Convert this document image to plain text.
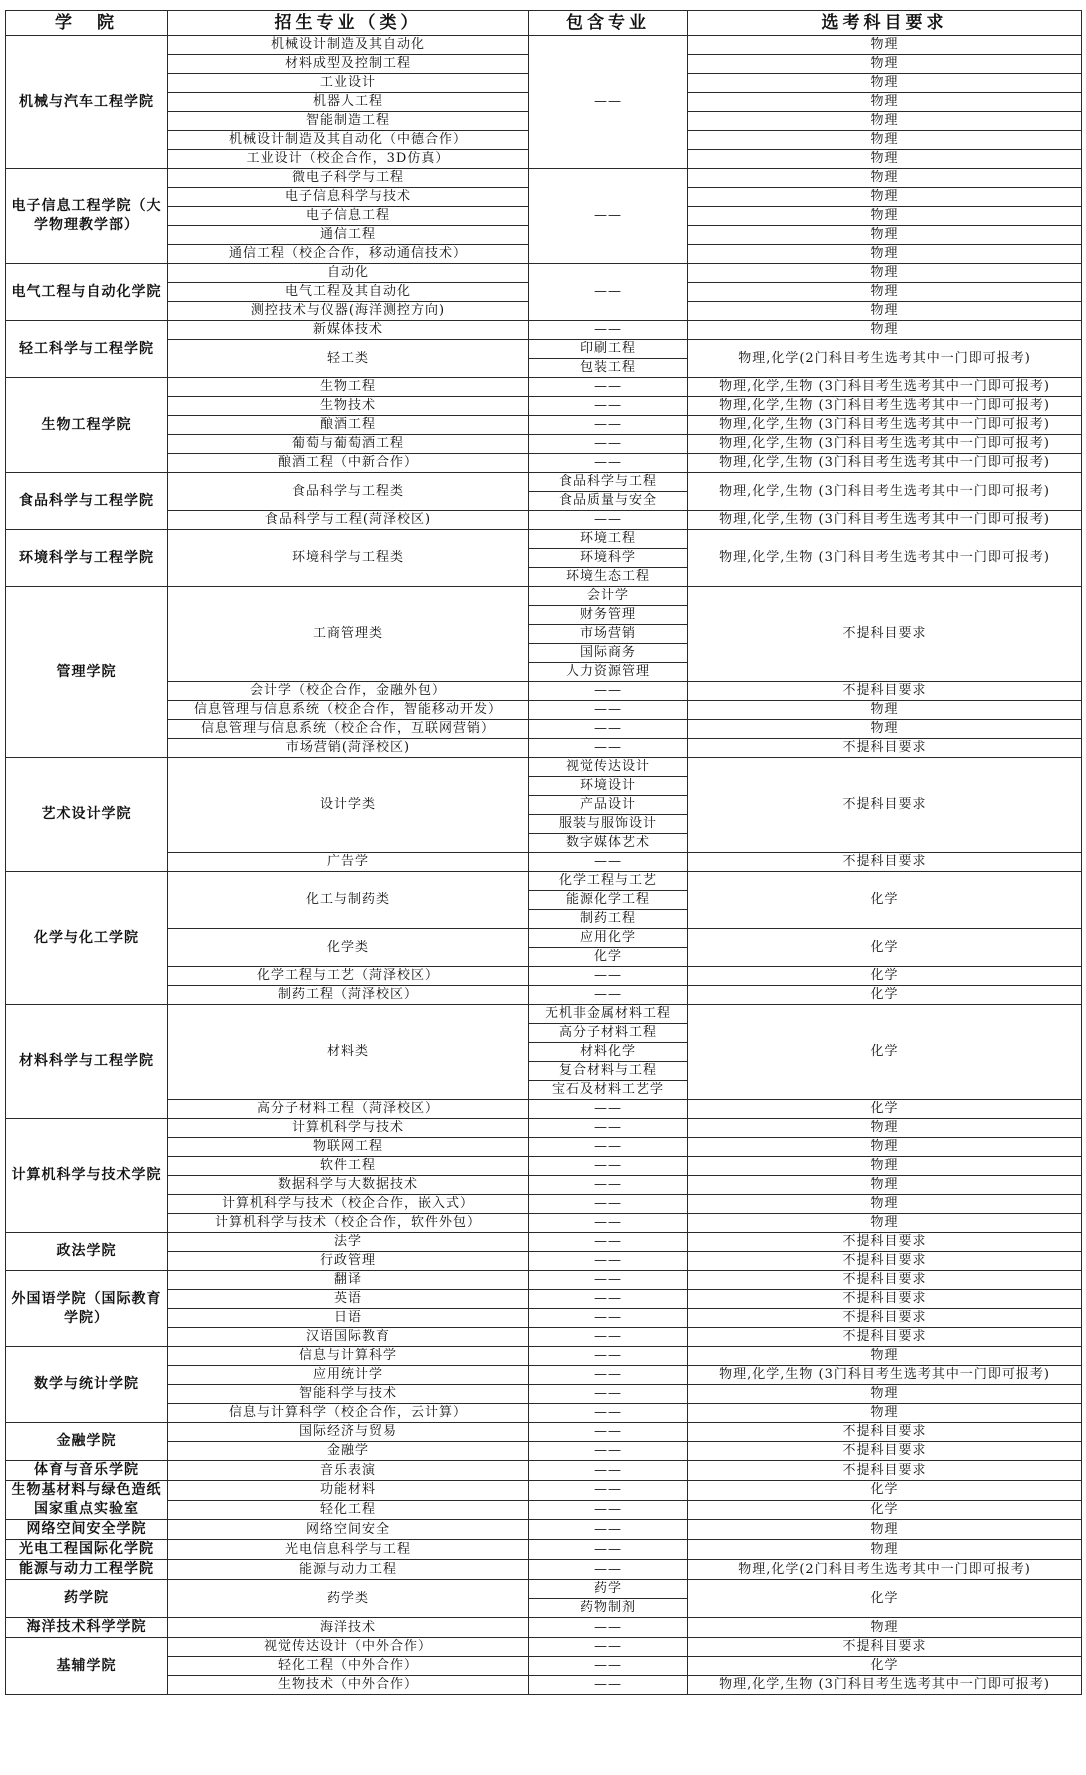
学　院	招生专业（类）	包含专业	选考科目要求
机械与汽车工程学院	机械设计制造及其自动化	——	物理
	材料成型及控制工程		物理
	工业设计		物理
	机器人工程		物理
	智能制造工程		物理
	机械设计制造及其自动化（中德合作）		物理
	工业设计（校企合作，3D仿真）		物理
电子信息工程学院（大学物理教学部）	微电子科学与工程	——	物理
	电子信息科学与技术		物理
	电子信息工程		物理
	通信工程		物理
	通信工程（校企合作，移动通信技术）		物理
电气工程与自动化学院	自动化	——	物理
	电气工程及其自动化		物理
	测控技术与仪器(海洋测控方向)		物理
轻工科学与工程学院	新媒体技术	——	物理
	轻工类	印刷工程	物理,化学(2门科目考生选考其中一门即可报考)
		包装工程	
生物工程学院	生物工程	——	物理,化学,生物 (3门科目考生选考其中一门即可报考)
	生物技术	——	物理,化学,生物 (3门科目考生选考其中一门即可报考)
	酿酒工程	——	物理,化学,生物 (3门科目考生选考其中一门即可报考)
	葡萄与葡萄酒工程	——	物理,化学,生物 (3门科目考生选考其中一门即可报考)
	酿酒工程（中新合作）	——	物理,化学,生物 (3门科目考生选考其中一门即可报考)
食品科学与工程学院	食品科学与工程类	食品科学与工程	物理,化学,生物 (3门科目考生选考其中一门即可报考)
		食品质量与安全	
	食品科学与工程(菏泽校区)	——	物理,化学,生物 (3门科目考生选考其中一门即可报考)
环境科学与工程学院	环境科学与工程类	环境工程	物理,化学,生物 (3门科目考生选考其中一门即可报考)
		环境科学	
		环境生态工程	
管理学院	工商管理类	会计学	不提科目要求
		财务管理	
		市场营销	
		国际商务	
		人力资源管理	
	会计学（校企合作，金融外包）	——	不提科目要求
	信息管理与信息系统（校企合作，智能移动开发）	——	物理
	信息管理与信息系统（校企合作，互联网营销）	——	物理
	市场营销(菏泽校区)	——	不提科目要求
艺术设计学院	设计学类	视觉传达设计	不提科目要求
		环境设计	
		产品设计	
		服装与服饰设计	
		数字媒体艺术	
	广告学	——	不提科目要求
化学与化工学院	化工与制药类	化学工程与工艺	化学
		能源化学工程	
		制药工程	
	化学类	应用化学	化学
		化学	
	化学工程与工艺（菏泽校区）	——	化学
	制药工程（菏泽校区）	——	化学
材料科学与工程学院	材料类	无机非金属材料工程	化学
		高分子材料工程	
		材料化学	
		复合材料与工程	
		宝石及材料工艺学	
	高分子材料工程（菏泽校区）	——	化学
计算机科学与技术学院	计算机科学与技术	——	物理
	物联网工程	——	物理
	软件工程	——	物理
	数据科学与大数据技术	——	物理
	计算机科学与技术（校企合作，嵌入式）	——	物理
	计算机科学与技术（校企合作，软件外包）	——	物理
政法学院	法学	——	不提科目要求
	行政管理	——	不提科目要求
外国语学院（国际教育学院）	翻译	——	不提科目要求
	英语	——	不提科目要求
	日语	——	不提科目要求
	汉语国际教育	——	不提科目要求
数学与统计学院	信息与计算科学	——	物理
	应用统计学	——	物理,化学,生物 (3门科目考生选考其中一门即可报考)
	智能科学与技术	——	物理
	信息与计算科学（校企合作，云计算）	——	物理
金融学院	国际经济与贸易	——	不提科目要求
	金融学	——	不提科目要求
体育与音乐学院	音乐表演	——	不提科目要求
生物基材料与绿色造纸国家重点实验室	功能材料	——	化学
	轻化工程	——	化学
网络空间安全学院	网络空间安全	——	物理
光电工程国际化学院	光电信息科学与工程	——	物理
能源与动力工程学院	能源与动力工程	——	物理,化学(2门科目考生选考其中一门即可报考)
药学院	药学类	药学	化学
		药物制剂	
海洋技术科学学院	海洋技术	——	物理
基辅学院	视觉传达设计（中外合作）	——	不提科目要求
	轻化工程（中外合作）	——	化学
	生物技术（中外合作）	——	物理,化学,生物 (3门科目考生选考其中一门即可报考)
